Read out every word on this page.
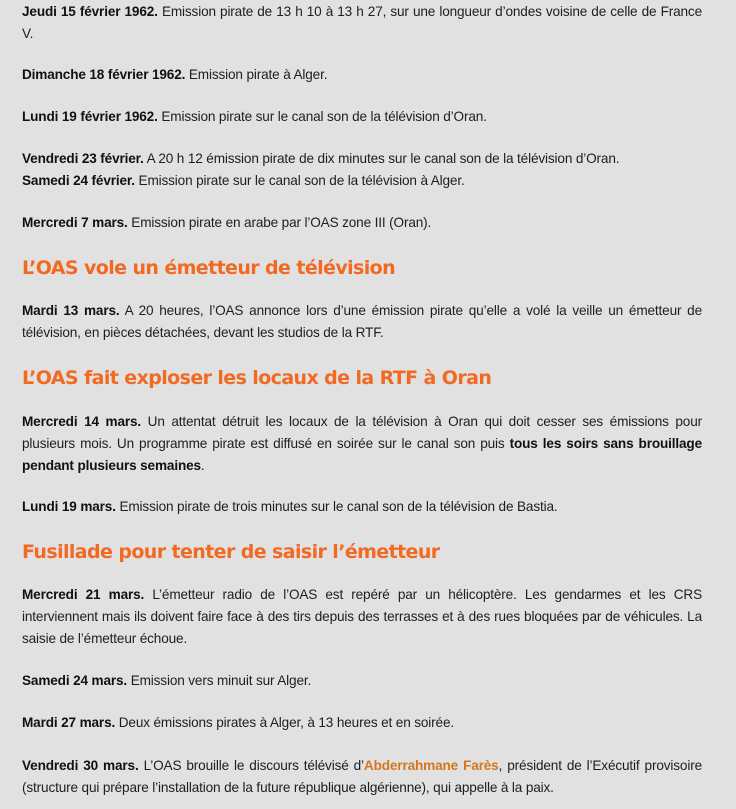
Jeudi 15 février 1962. Emission pirate de 13 h 10 à 13 h 27, sur une longueur d’ondes voisine de celle de France V.

Dimanche 18 février 1962. Emission pirate à Alger.

Lundi 19 février 1962. Emission pirate sur le canal son de la télévision d’Oran.

Vendredi 23 février. A 20 h 12 émission pirate de dix minutes sur le canal son de la télévision d’Oran.

Samedi 24 février. Emission pirate sur le canal son de la télévision à Alger.

Mercredi 7 mars. Emission pirate en arabe par l’OAS zone III (Oran).

L’OAS vole un émetteur de télévision

Mardi 13 mars. A 20 heures, l’OAS annonce lors d’une émission pirate qu’elle a volé la veille un émetteur de télévision, en pièces détachées, devant les studios de la RTF.

L’OAS fait exploser les locaux de la RTF à Oran

Mercredi 14 mars. Un attentat détruit les locaux de la télévision à Oran qui doit cesser ses émissions pour plusieurs mois. Un programme pirate est diffusé en soirée sur le canal son puis tous les soirs sans brouillage pendant plusieurs semaines.

Lundi 19 mars. Emission pirate de trois minutes sur le canal son de la télévision de Bastia.

Fusillade pour tenter de saisir l’émetteur

Mercredi 21 mars. L’émetteur radio de l’OAS est repéré par un hélicoptère. Les gendarmes et les CRS interviennent mais ils doivent faire face à des tirs depuis des terrasses et à des rues bloquées par de véhicules. La saisie de l’émetteur échoue.

Samedi 24 mars. Emission vers minuit sur Alger.

Mardi 27 mars. Deux émissions pirates à Alger, à 13 heures et en soirée.

Vendredi 30 mars. L’OAS brouille le discours télévisé d’Abderrahmane Farès, président de l’Exécutif provisoire (structure qui prépare l’installation de la future république algérienne), qui appelle à la paix.
